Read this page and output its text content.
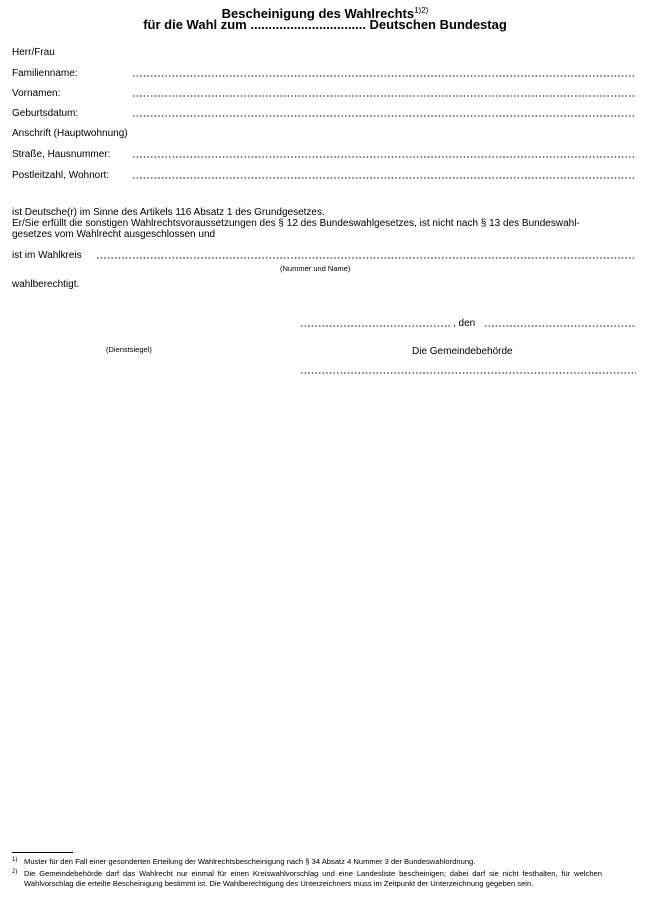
Bescheinigung des Wahlrechts$^{1)2)}$
für die Wahl zum ................................ Deutschen Bundestag
Herr/Frau
Familienname:
Vornamen:
Geburtsdatum:
Anschrift (Hauptwohnung)
Straße, Hausnummer:
Postleitzahl, Wohnort:
ist Deutsche(r) im Sinne des Artikels 116 Absatz 1 des Grundgesetzes.
Er/Sie erfüllt die sonstigen Wahlrechtsvoraussetzungen des § 12 des Bundeswahlgesetzes, ist nicht nach § 13 des Bundeswahl-
gesetzes vom Wahlrecht ausgeschlossen und
ist im Wahlkreis
(Nummer und Name)
wahlberechtigt.
, den
(Dienstsiegel)	Die Gemeindebehörde
1) Muster für den Fall einer gesonderten Erteilung der Wahlrechtsbescheinigung nach § 34 Absatz 4 Nummer 3 der Bundeswahlordnung.
2) Die Gemeindebehörde darf das Wahlrecht nur einmal für einen Kreiswahlvorschlag und eine Landesliste bescheinigen; dabei darf sie nicht festhalten, für welchen Wahlvorschlag die erteilte Bescheinigung bestimmt ist. Die Wahlberechtigung des Unterzeichners muss im Zeitpunkt der Unterzeichnung gegeben sein.
